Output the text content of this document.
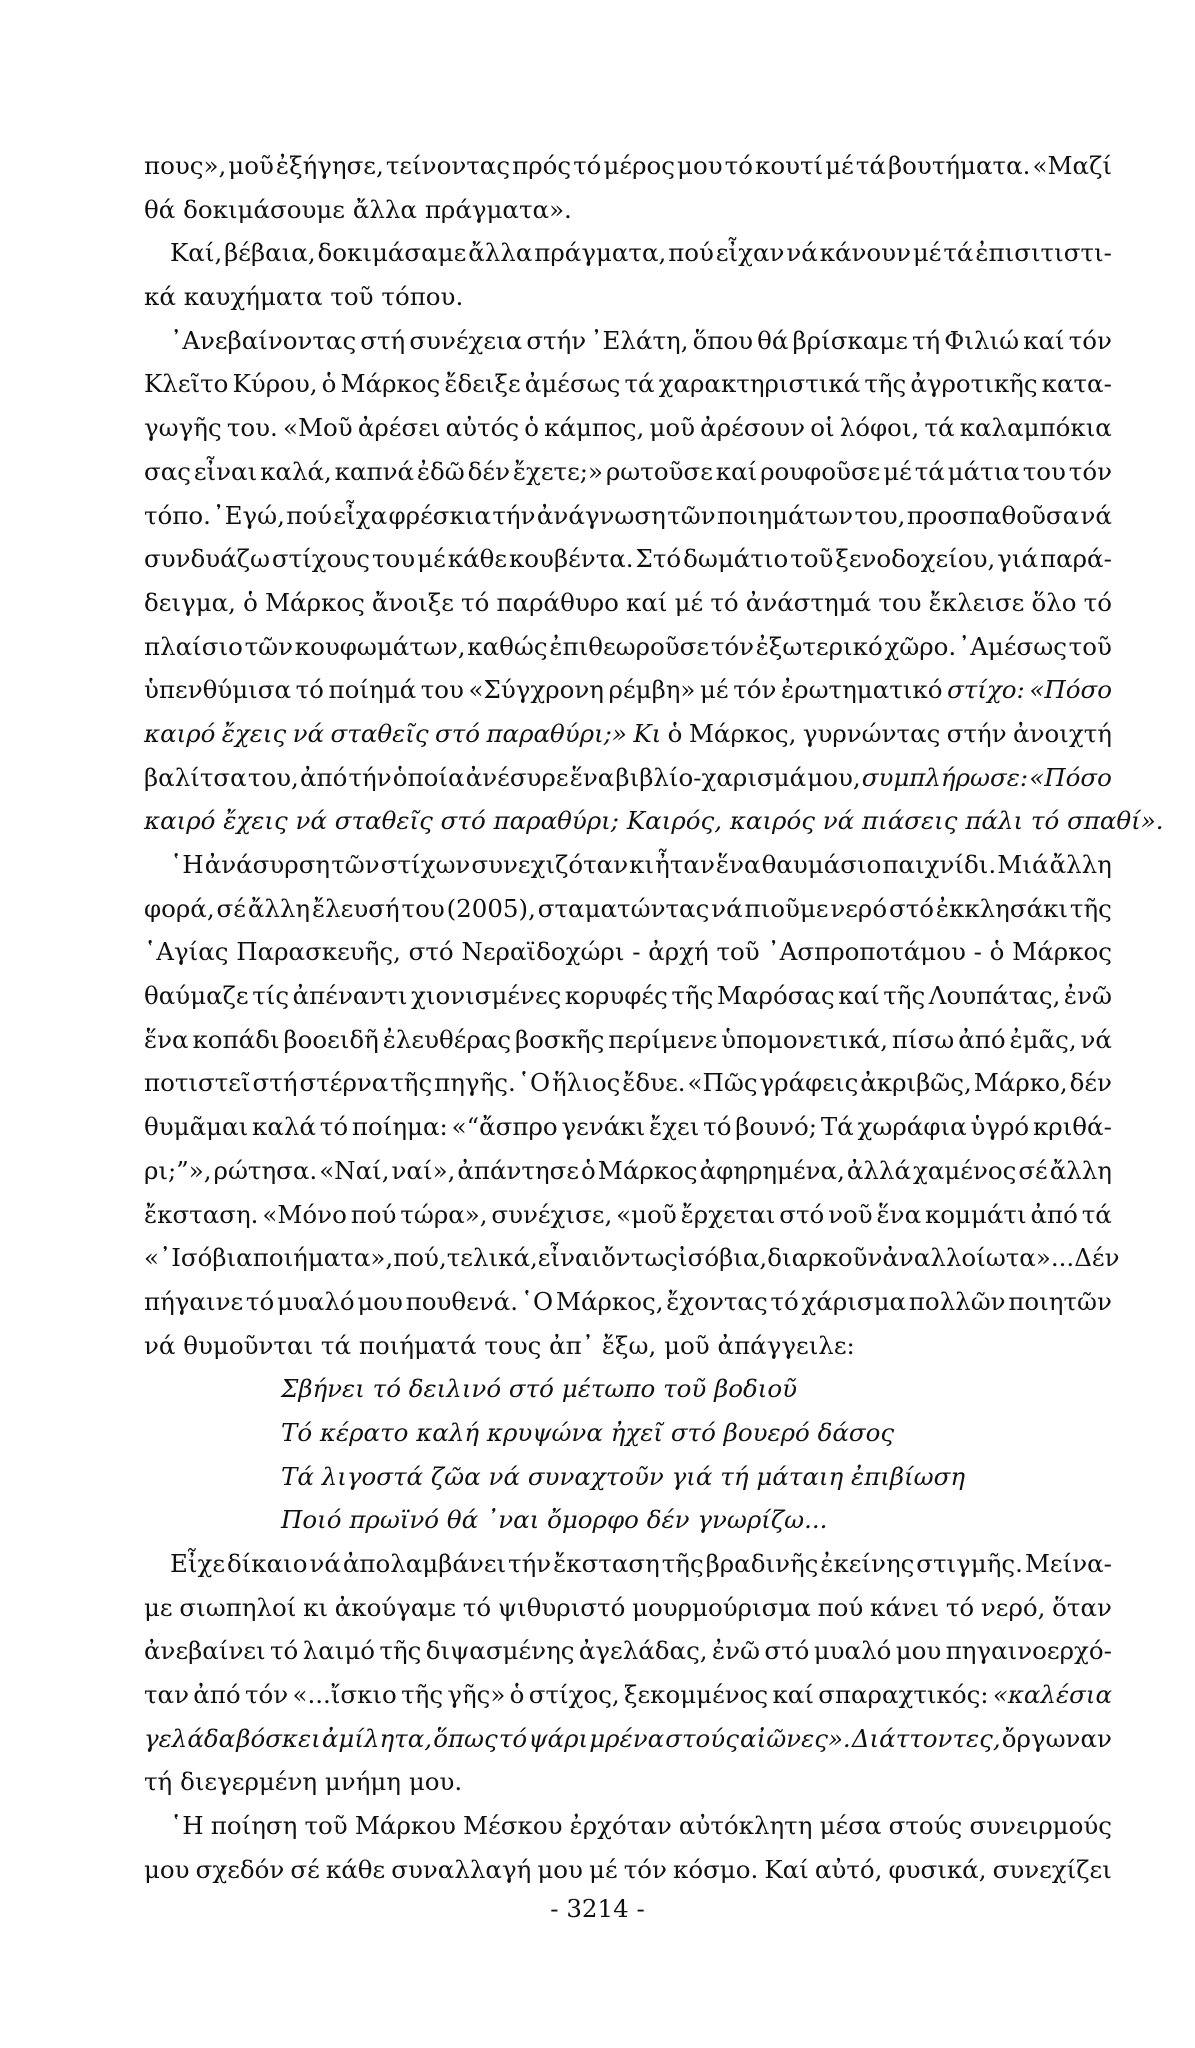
πους», μοῦ ἐξήγησε, τείνοντας πρός τό μέρος μου τό κουτί μέ τά βουτήματα. «Μαζί
θά δοκιμάσουμε ἄλλα πράγματα».
Καί, βέβαια, δοκιμάσαμε ἄλλα πράγματα, πού εἶχαν νά κάνουν μέ τά ἐπισιτιστι-
κά καυχήματα τοῦ τόπου.
᾿Ανεβαίνοντας στή συνέχεια στήν ᾿Ελάτη, ὅπου θά βρίσκαμε τή Φιλιώ καί τόν
Κλεῖτο Κύρου, ὁ Μάρκος ἔδειξε ἀμέσως τά χαρακτηριστικά τῆς ἀγροτικῆς κατα-
γωγῆς του. «Μοῦ ἀρέσει αὐτός ὁ κάμπος, μοῦ ἀρέσουν οἱ λόφοι, τά καλαμπόκια
σας εἶναι καλά, καπνά ἐδῶ δέν ἔχετε;» ρωτοῦσε καί ρουφοῦσε μέ τά μάτια του τόν
τόπο. ᾿Εγώ, πού εἶχα φρέσκια τήν ἀνάγνωση τῶν ποιημάτων του, προσπαθοῦσα νά
συνδυάζω στίχους του μέ κάθε κουβέντα. Στό δωμάτιο τοῦ ξενοδοχείου, γιά παρά-
δειγμα, ὁ Μάρκος ἄνοιξε τό παράθυρο καί μέ τό ἀνάστημά του ἔκλεισε ὅλο τό
πλαίσιο τῶν κουφωμάτων, καθώς ἐπιθεωροῦσε τόν ἐξωτερικό χῶρο. ᾿Αμέσως τοῦ
ὑπενθύμισα τό ποίημά του «Σύγχρονη ρέμβη» μέ τόν ἐρωτηματικό στίχο: «Πόσο
καιρό ἔχεις νά σταθεῖς στό παραθύρι;» Κι ὁ Μάρκος, γυρνώντας στήν ἀνοιχτή
βαλίτσα του, ἀπό τήν ὁποία ἀνέσυρε ἕνα βιβλίο-χαρισμά μου, συμπλήρωσε: «Πόσο
καιρό ἔχεις νά σταθεῖς στό παραθύρι; Καιρός, καιρός νά πιάσεις πάλι τό σπαθί».
῾Η ἀνάσυρση τῶν στίχων συνεχιζόταν κι ἦταν ἕνα θαυμάσιο παιχνίδι. Μιά ἄλλη
φορά, σέ ἄλλη ἔλευσή του (2005), σταματώντας νά πιοῦμε νερό στό ἐκκλησάκι τῆς
῾Αγίας Παρασκευῆς, στό Νεραϊδοχώρι - ἀρχή τοῦ ᾿Ασπροποτάμου - ὁ Μάρκος
θαύμαζε τίς ἀπέναντι χιονισμένες κορυφές τῆς Μαρόσας καί τῆς Λουπάτας, ἐνῶ
ἕνα κοπάδι βοοειδῆ ἐλευθέρας βοσκῆς περίμενε ὑπομονετικά, πίσω ἀπό ἐμᾶς, νά
ποτιστεῖ στή στέρνα τῆς πηγῆς. ῾Ο ἥλιος ἔδυε. «Πῶς γράφεις ἀκριβῶς, Μάρκο, δέν
θυμᾶμαι καλά τό ποίημα: «“ἄσπρο γενάκι ἔχει τό βουνό; Τά χωράφια ὑγρό κριθά-
ρι;”», ρώτησα. «Ναί, ναί», ἀπάντησε ὁ Μάρκος ἀφηρημένα, ἀλλά χαμένος σέ ἄλλη
ἔκσταση. «Μόνο πού τώρα», συνέχισε, «μοῦ ἔρχεται στό νοῦ ἕνα κομμάτι ἀπό τά
«᾿Ισόβια ποιήματα», πού, τελικά, εἶναι ὄντως ἰσόβια, διαρκοῦν ἀναλλοίωτα»... Δέν
πήγαινε τό μυαλό μου πουθενά. ῾Ο Μάρκος, ἔχοντας τό χάρισμα πολλῶν ποιητῶν
νά θυμοῦνται τά ποιήματά τους ἀπ᾿ ἔξω, μοῦ ἀπάγγειλε:
Σβήνει τό δειλινό στό μέτωπο τοῦ βοδιοῦ
Τό κέρατο καλή κρυψώνα ἠχεῖ στό βουερό δάσος
Τά λιγοστά ζῶα νά συναχτοῦν γιά τή μάταιη ἐπιβίωση
Ποιό πρωϊνό θά ᾿ναι ὄμορφο δέν γνωρίζω...
Εἶχε δίκαιο νά ἀπολαμβάνει τήν ἔκσταση τῆς βραδινῆς ἐκείνης στιγμῆς. Μείνα-
με σιωπηλοί κι ἀκούγαμε τό ψιθυριστό μουρμούρισμα πού κάνει τό νερό, ὅταν
ἀνεβαίνει τό λαιμό τῆς διψασμένης ἀγελάδας, ἐνῶ στό μυαλό μου πηγαινοερχό-
ταν ἀπό τόν «...ἴσκιο τῆς γῆς» ὁ στίχος, ξεκομμένος καί σπαραχτικός: «καλέσια
γελάδα βόσκει ἀμίλητα, ὅπως τό ψάρι μρένα στούς αἰῶνες». Διάττοντες, ὄργωναν
τή διεγερμένη μνήμη μου.
῾Η ποίηση τοῦ Μάρκου Μέσκου ἐρχόταν αὐτόκλητη μέσα στούς συνειρμούς
μου σχεδόν σέ κάθε συναλλαγή μου μέ τόν κόσμο. Καί αὐτό, φυσικά, συνεχίζει
- 3214 -
